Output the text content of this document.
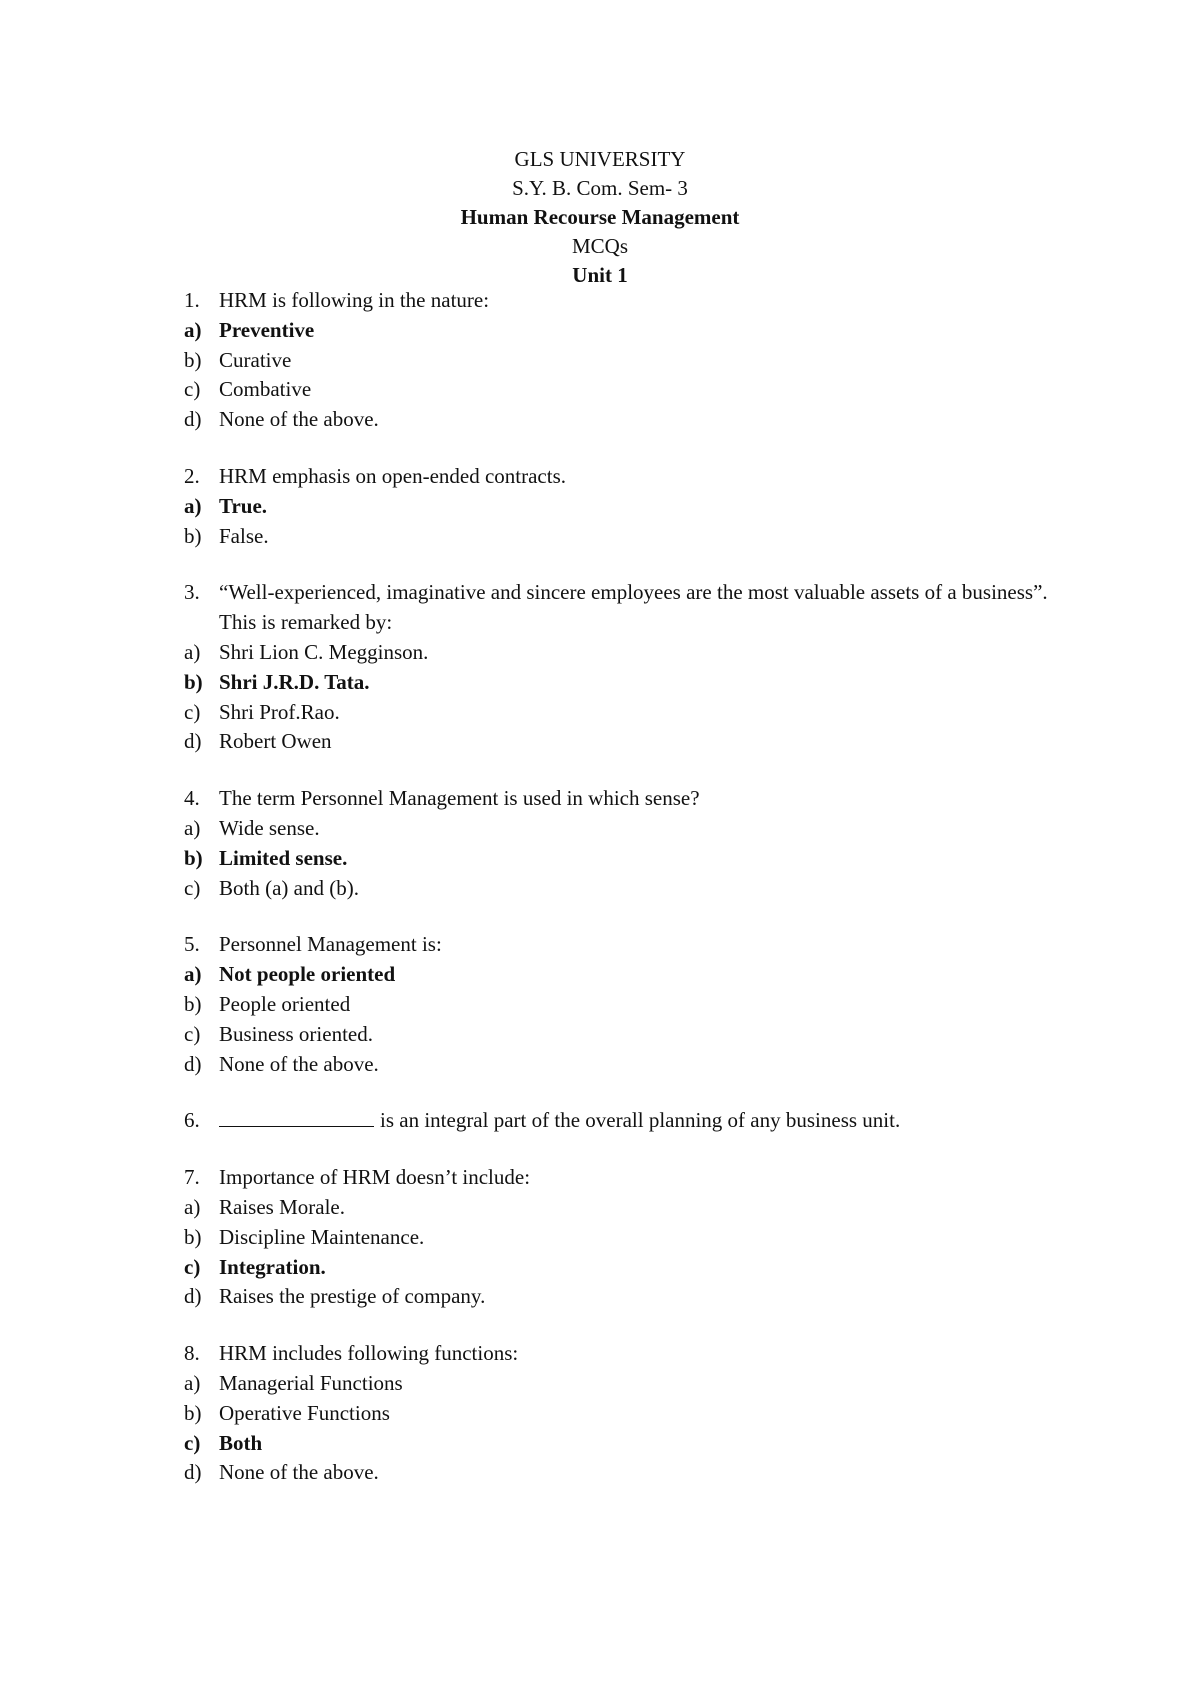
GLS UNIVERSITY
S.Y. B. Com. Sem- 3
Human Recourse Management
MCQs
Unit 1
1. HRM is following in the nature:
a) Preventive
b) Curative
c) Combative
d) None of the above.
2. HRM emphasis on open-ended contracts.
a) True.
b) False.
3. “Well-experienced, imaginative and sincere employees are the most valuable assets of a business”. This is remarked by:
a) Shri Lion C. Megginson.
b) Shri J.R.D. Tata.
c) Shri Prof.Rao.
d) Robert Owen
4. The term Personnel Management is used in which sense?
a) Wide sense.
b) Limited sense.
c) Both (a) and (b).
5. Personnel Management is:
a) Not people oriented
b) People oriented
c) Business oriented.
d) None of the above.
6.	is an integral part of the overall planning of any business unit.
7. Importance of HRM doesn’t include:
a) Raises Morale.
b) Discipline Maintenance.
c) Integration.
d) Raises the prestige of company.
8. HRM includes following functions:
a) Managerial Functions
b) Operative Functions
c) Both
d) None of the above.
